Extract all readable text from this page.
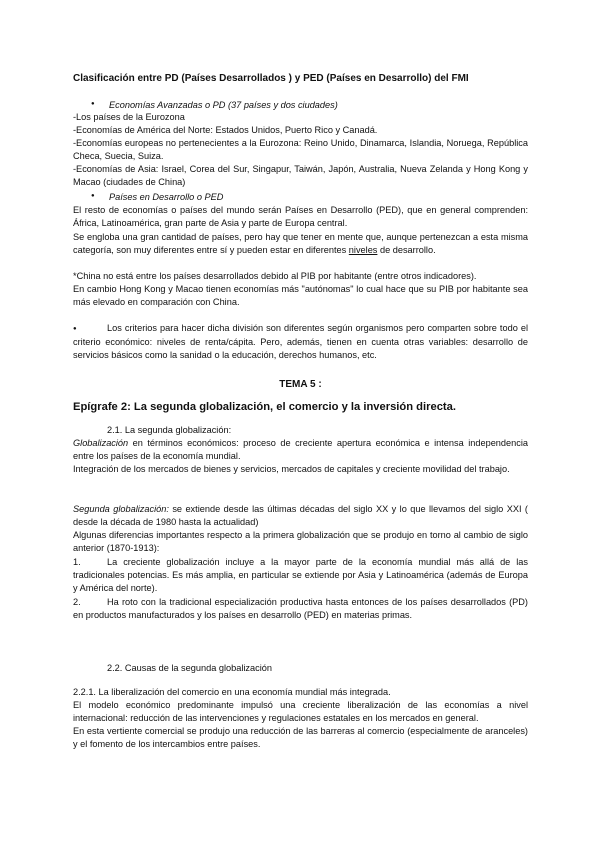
Clasificación entre PD (Países Desarrollados ) y PED (Países en Desarrollo) del FMI
● Economías Avanzadas o PD (37 países y dos ciudades)

-Los países de la Eurozona

-Economías de América del Norte: Estados Unidos, Puerto Rico y Canadá.

-Economías europeas no pertenecientes a la Eurozona: Reino Unido, Dinamarca, Islandia, Noruega, República Checa, Suecia, Suiza.

-Economías de Asia: Israel, Corea del Sur, Singapur, Taiwán, Japón, Australia, Nueva Zelanda y Hong Kong y Macao (ciudades de China)

● Países en Desarrollo o PED
El resto de economías o países del mundo serán Países en Desarrollo (PED), que en general comprenden: África, Latinoamérica, gran parte de Asia y parte de Europa central.
Se engloba una gran cantidad de países, pero hay que tener en mente que, aunque pertenezcan a esta misma categoría, son muy diferentes entre sí y pueden estar en diferentes niveles de desarrollo.
*China no está entre los países desarrollados debido al PIB por habitante (entre otros indicadores).
En cambio Hong Kong y Macao tienen economías más "autónomas" lo cual hace que su PIB por habitante sea más elevado en comparación con China.
●	Los criterios para hacer dicha división son diferentes según organismos pero comparten sobre todo el criterio económico: niveles de renta/cápita. Pero, además, tienen en cuenta otras variables: desarrollo de servicios básicos como la sanidad o la educación, derechos humanos, etc.
TEMA 5 :
Epígrafe 2: La segunda globalización, el comercio y la inversión directa.
2.1. La segunda globalización:
Globalización en términos económicos: proceso de creciente apertura económica e intensa independencia entre los países de la economía mundial.
Integración de los mercados de bienes y servicios, mercados de capitales y creciente movilidad del trabajo.
Segunda globalización: se extiende desde las últimas décadas del siglo XX y lo que llevamos del siglo XXI ( desde la década de 1980 hasta la actualidad)
Algunas diferencias importantes respecto a la primera globalización que se produjo en torno al cambio de siglo anterior (1870-1913):
1.	La creciente globalización incluye a la mayor parte de la economía mundial más allá de las tradicionales potencias. Es más amplia, en particular se extiende por Asia y Latinoamérica (además de Europa y América del norte).
2.	Ha roto con la tradicional especialización productiva hasta entonces de los países desarrollados (PD) en productos manufacturados y los países en desarrollo (PED) en materias primas.
2.2. Causas de la segunda globalización
2.2.1. La liberalización del comercio en una economía mundial más integrada.
El modelo económico predominante impulsó una creciente liberalización de las economías a nivel internacional: reducción de las intervenciones y regulaciones estatales en los mercados en general.
En esta vertiente comercial se produjo una reducción de las barreras al comercio (especialmente de aranceles) y el fomento de los intercambios entre países.
